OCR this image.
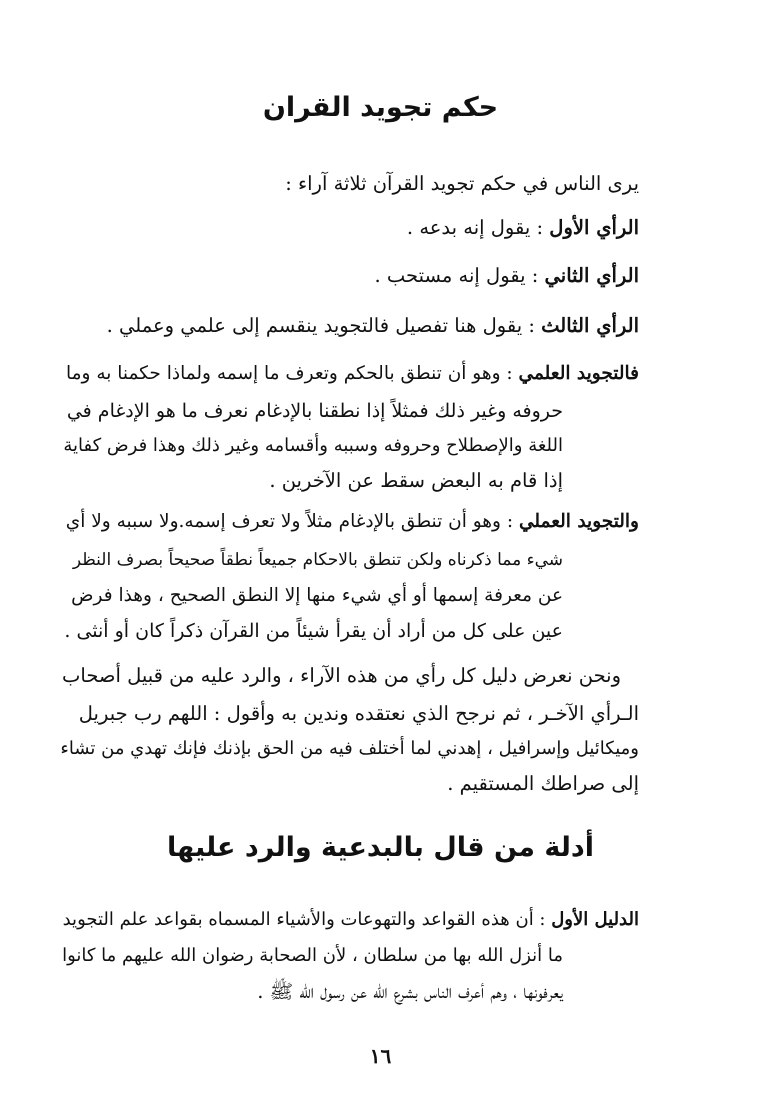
حكم تجويد القران
يرى الناس في حكم تجويد القرآن ثلاثة آراء :
الرأي الأول : يقول إنه بدعه .
الرأي الثاني : يقول إنه مستحب .
الرأي الثالث : يقول هنا تفصيل فالتجويد ينقسم إلى علمي وعملي .
فالتجويد العلمي : وهو أن تنطق بالحكم وتعرف ما إسمه ولماذا حكمنا به وما
حروفه وغير ذلك فمثلاً إذا نطقنا بالإدغام نعرف ما هو الإدغام في
اللغة والإصطلاح وحروفه وسببه وأقسامه وغير ذلك وهذا فرض كفاية
إذا قام به البعض سقط عن الآخرين .
والتجويد العملي : وهو أن تنطق بالإدغام مثلاً ولا تعرف إسمه.ولا سببه ولا أي
شيء مما ذكرناه ولكن تنطق بالاحكام جميعاً نطقاً صحيحاً بصرف النظر
عن معرفة إسمها أو أي شيء منها إلا النطق الصحيح ، وهذا فرض
عين على كل من أراد أن يقرأ شيئاً من القرآن ذكراً كان أو أنثى .
ونحن نعرض دليل كل رأي من هذه الآراء ، والرد عليه من قبيل أصحاب
الـرأي الآخـر ، ثم نرجح الذي نعتقده وندين به وأقول : اللهم رب جبريل
وميكائيل وإسرافيل ، إهدني لما أختلف فيه من الحق بإذنك فإنك تهدي من تشاء
إلى صراطك المستقيم .
أدلة من قال بالبدعية والرد عليها
الدليل الأول : أن هذه القواعد والتهوعات والأشياء المسماه بقواعد علم التجويد
ما أنزل الله بها من سلطان ، لأن الصحابة رضوان الله عليهم ما كانوا
يعرفونها ، وهم أعرف الناس بشرع الله عن رسول الله ﷺ .
١٦
